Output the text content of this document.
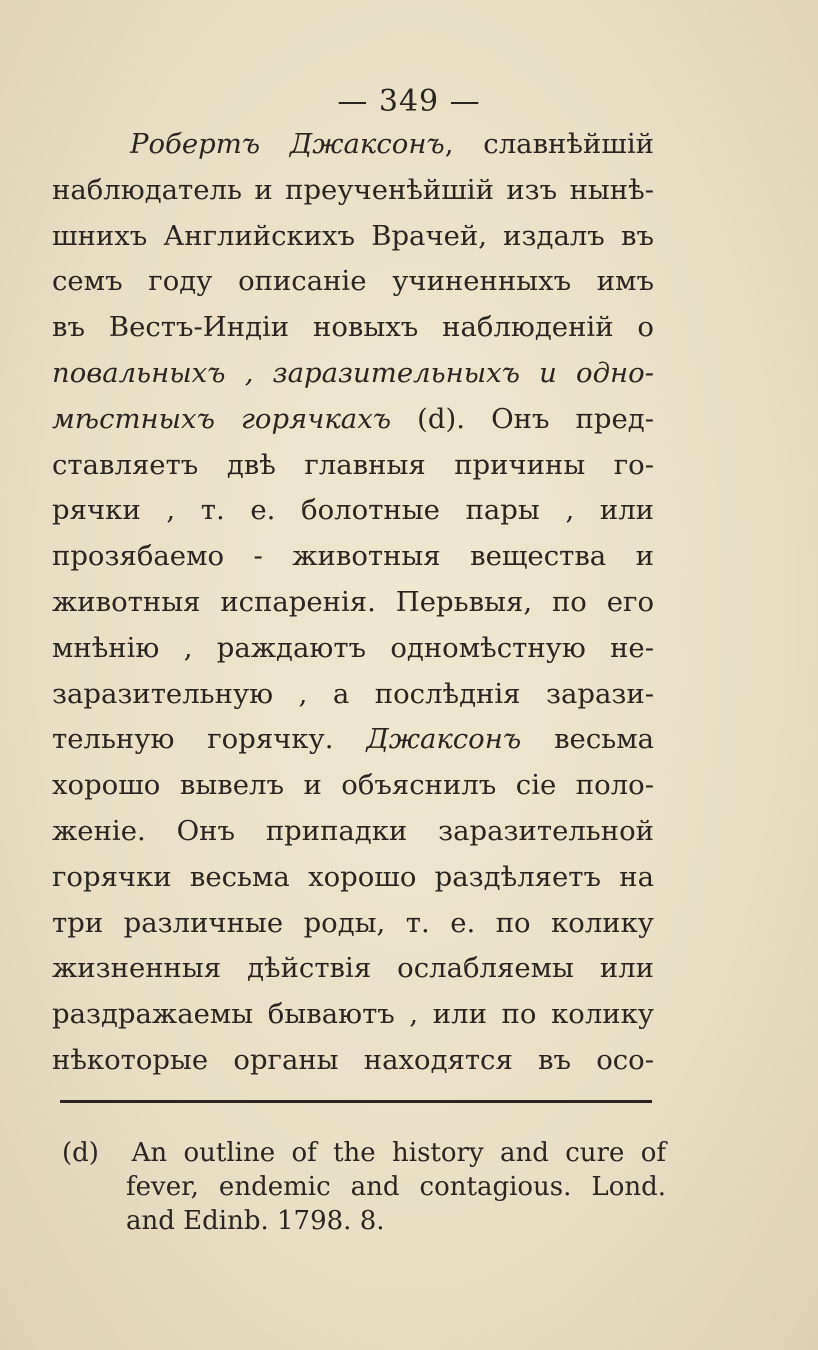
— 349 —
Робертъ Джаксонъ, славнѣйшій
наблюдатель и преученѣйшій изъ нынѣ-
шнихъ Английскихъ Врачей, издалъ въ
семъ году описаніе учиненныхъ имъ
въ Вестъ-Индіи новыхъ наблюденій о
повальныхъ , заразительныхъ и одно-
мѣстныхъ горячкахъ (d). Онъ пред-
ставляетъ двѣ главныя причины го-
рячки , т. е. болотные пары , или
прозябаемо - животныя вещества и
животныя испаренія. Перьвыя, по его
мнѣнію , раждаютъ одномѣстную не-
заразительную , а послѣднія зарази-
тельную горячку. Джаксонъ весьма
хорошо вывелъ и объяснилъ сіе поло-
женіе. Онъ припадки заразительной
горячки весьма хорошо раздѣляетъ на
три различные роды, т. е. по колику
жизненныя дѣйствія ослабляемы или
раздражаемы бываютъ , или по колику
нѣкоторые органы находятся въ осо-
(d) An outline of the history and cure of
fever, endemic and contagious. Lond.
and Edinb. 1798. 8.
